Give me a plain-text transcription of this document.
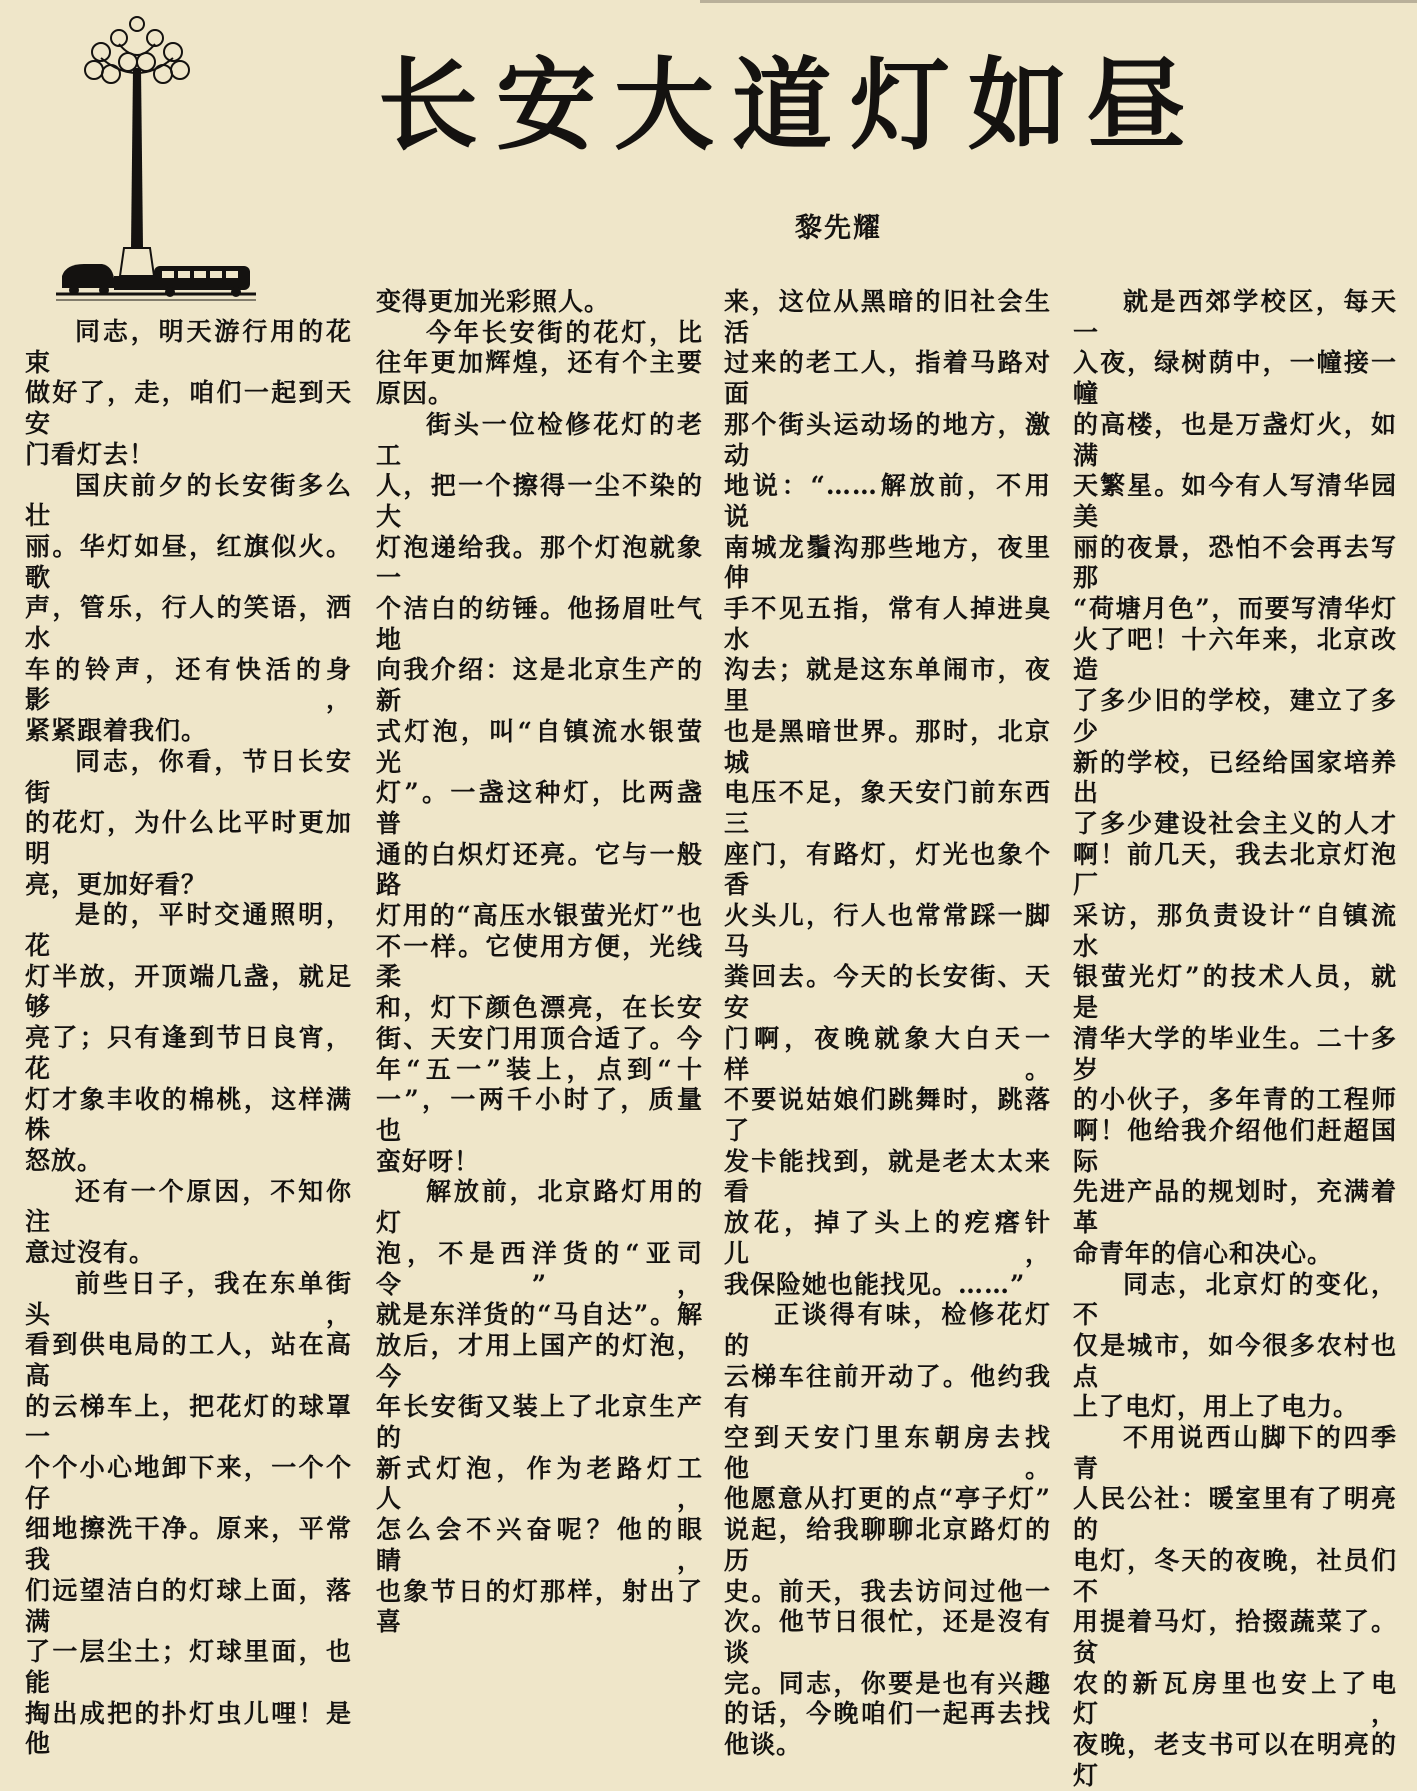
长安大道灯如昼
黎先耀

同志，明天游行用的花束

做好了，走，咱们一起到天安

门看灯去！

国庆前夕的长安街多么壮

丽。华灯如昼，红旗似火。歌

声，管乐，行人的笑语，洒水

车的铃声，还有快活的身影，

紧紧跟着我们。

同志，你看，节日长安街

的花灯，为什么比平时更加明

亮，更加好看？

是的，平时交通照明，花

灯半放，开顶端几盏，就足够

亮了；只有逢到节日良宵，花

灯才象丰收的棉桃，这样满株

怒放。

还有一个原因，不知你注

意过沒有。

前些日子，我在东单街头，

看到供电局的工人，站在高高

的云梯车上，把花灯的球罩一

个个小心地卸下来，一个个仔

细地擦洗干净。原来，平常我

们远望洁白的灯球上面，落满

了一层尘土；灯球里面，也能

掏出成把的扑灯虫儿哩！是他

变得更加光彩照人。

今年长安街的花灯，比

往年更加辉煌，还有个主要

原因。

街头一位检修花灯的老工

人，把一个擦得一尘不染的大

灯泡递给我。那个灯泡就象一

个洁白的纺锤。他扬眉吐气地

向我介绍：这是北京生产的新

式灯泡，叫“自镇流水银萤光

灯”。一盏这种灯，比两盏普

通的白炽灯还亮。它与一般路

灯用的“高压水银萤光灯”也

不一样。它使用方便，光线柔

和，灯下颜色漂亮，在长安

街、天安门用顶合适了。今

年“五一”装上，点到“十

一”，一两千小时了，质量也

蛮好呀！

解放前，北京路灯用的灯

泡，不是西洋货的“亚司令”，

就是东洋货的“马自达”。解

放后，才用上国产的灯泡，今

年长安街又装上了北京生产的

新式灯泡，作为老路灯工人，

怎么会不兴奋呢？他的眼睛，

也象节日的灯那样，射出了喜

来，这位从黑暗的旧社会生活

过来的老工人，指着马路对面

那个街头运动场的地方，激动

地说：“……解放前，不用说

南城龙鬚沟那些地方，夜里伸

手不见五指，常有人掉进臭水

沟去；就是这东单闹市，夜里

也是黑暗世界。那时，北京城

电压不足，象天安门前东西三

座门，有路灯，灯光也象个香

火头儿，行人也常常踩一脚马

粪回去。今天的长安街、天安

门啊，夜晚就象大白天一样。

不要说姑娘们跳舞时，跳落了

发卡能找到，就是老太太来看

放花，掉了头上的疙瘩针儿，

我保险她也能找见。……”

正谈得有味，检修花灯的

云梯车往前开动了。他约我有

空到天安门里东朝房去找他。

他愿意从打更的点“亭子灯”

说起，给我聊聊北京路灯的历

史。前天，我去访问过他一

次。他节日很忙，还是沒有谈

完。同志，你要是也有兴趣

的话，今晚咱们一起再去找

他谈。

就是西郊学校区，每天一

入夜，绿树荫中，一幢接一幢

的高楼，也是万盏灯火，如满

天繁星。如今有人写清华园美

丽的夜景，恐怕不会再去写那

“荷塘月色”，而要写清华灯

火了吧！十六年来，北京改造

了多少旧的学校，建立了多少

新的学校，已经给国家培养出

了多少建设社会主义的人才

啊！前几天，我去北京灯泡厂

采访，那负责设计“自镇流水

银萤光灯”的技术人员，就是

清华大学的毕业生。二十多岁

的小伙子，多年青的工程师

啊！他给我介绍他们赶超国际

先进产品的规划时，充满着革

命青年的信心和决心。

同志，北京灯的变化，不

仅是城市，如今很多农村也点

上了电灯，用上了电力。

不用说西山脚下的四季青

人民公社：暖室里有了明亮的

电灯，冬天的夜晚，社员们不

用提着马灯，拾掇蔬菜了。贫

农的新瓦房里也安上了电灯，

夜晚，老支书可以在明亮的灯
